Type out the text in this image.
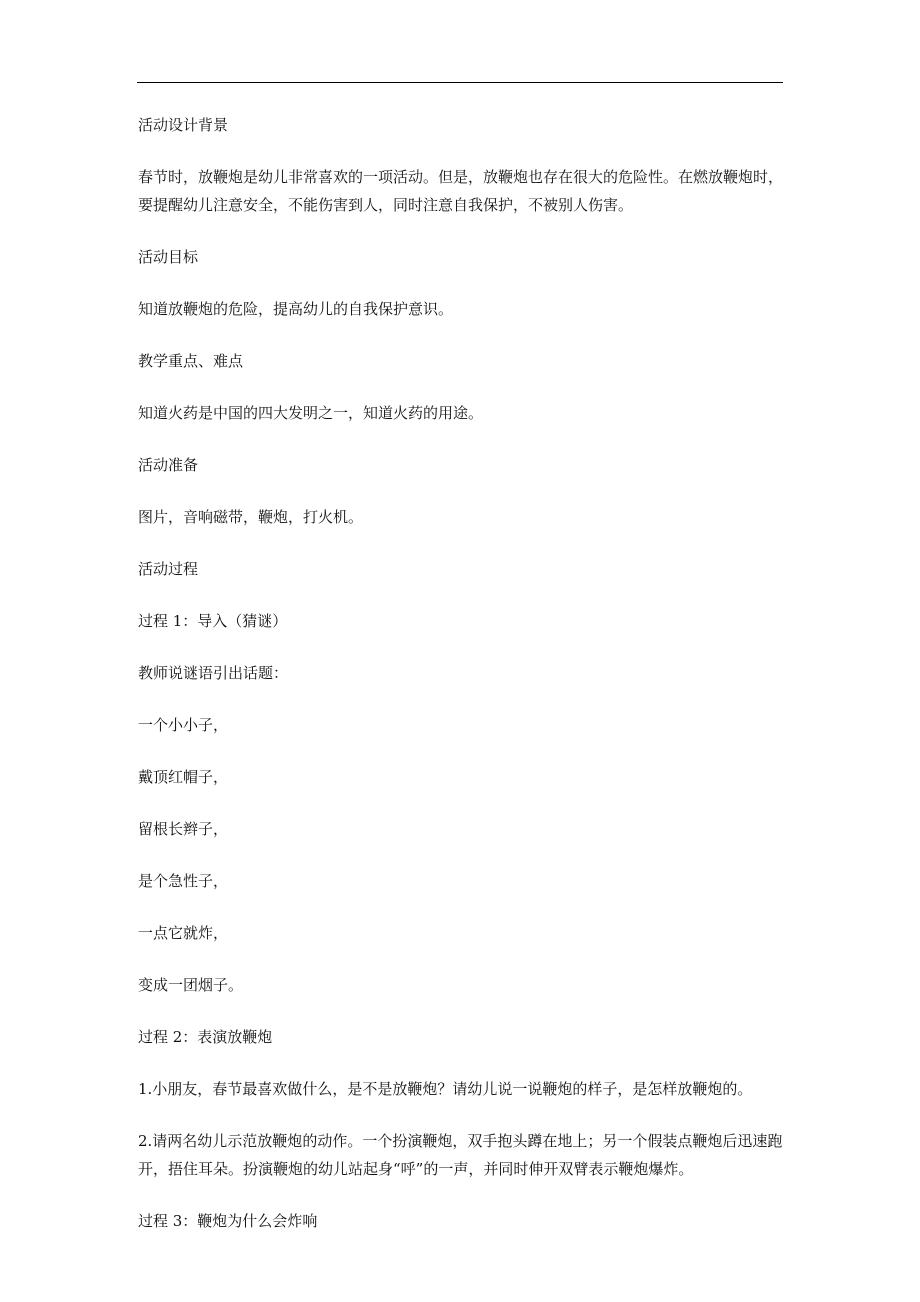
活动设计背景

春节时，放鞭炮是幼儿非常喜欢的一项活动。但是，放鞭炮也存在很大的危险性。在燃放鞭炮时，要提醒幼儿注意安全，不能伤害到人，同时注意自我保护，不被别人伤害。

活动目标

知道放鞭炮的危险，提高幼儿的自我保护意识。

教学重点、难点

知道火药是中国的四大发明之一，知道火药的用途。

活动准备

图片，音响磁带，鞭炮，打火机。

活动过程

过程 1：导入（猜谜）

教师说谜语引出话题：

一个小小子，

戴顶红帽子，

留根长辫子，

是个急性子，

一点它就炸，

变成一团烟子。

过程 2：表演放鞭炮

1.小朋友，春节最喜欢做什么，是不是放鞭炮？请幼儿说一说鞭炮的样子，是怎样放鞭炮的。

2.请两名幼儿示范放鞭炮的动作。一个扮演鞭炮，双手抱头蹲在地上；另一个假装点鞭炮后迅速跑开，捂住耳朵。扮演鞭炮的幼儿站起身“呼”的一声，并同时伸开双臂表示鞭炮爆炸。

过程 3：鞭炮为什么会炸响
